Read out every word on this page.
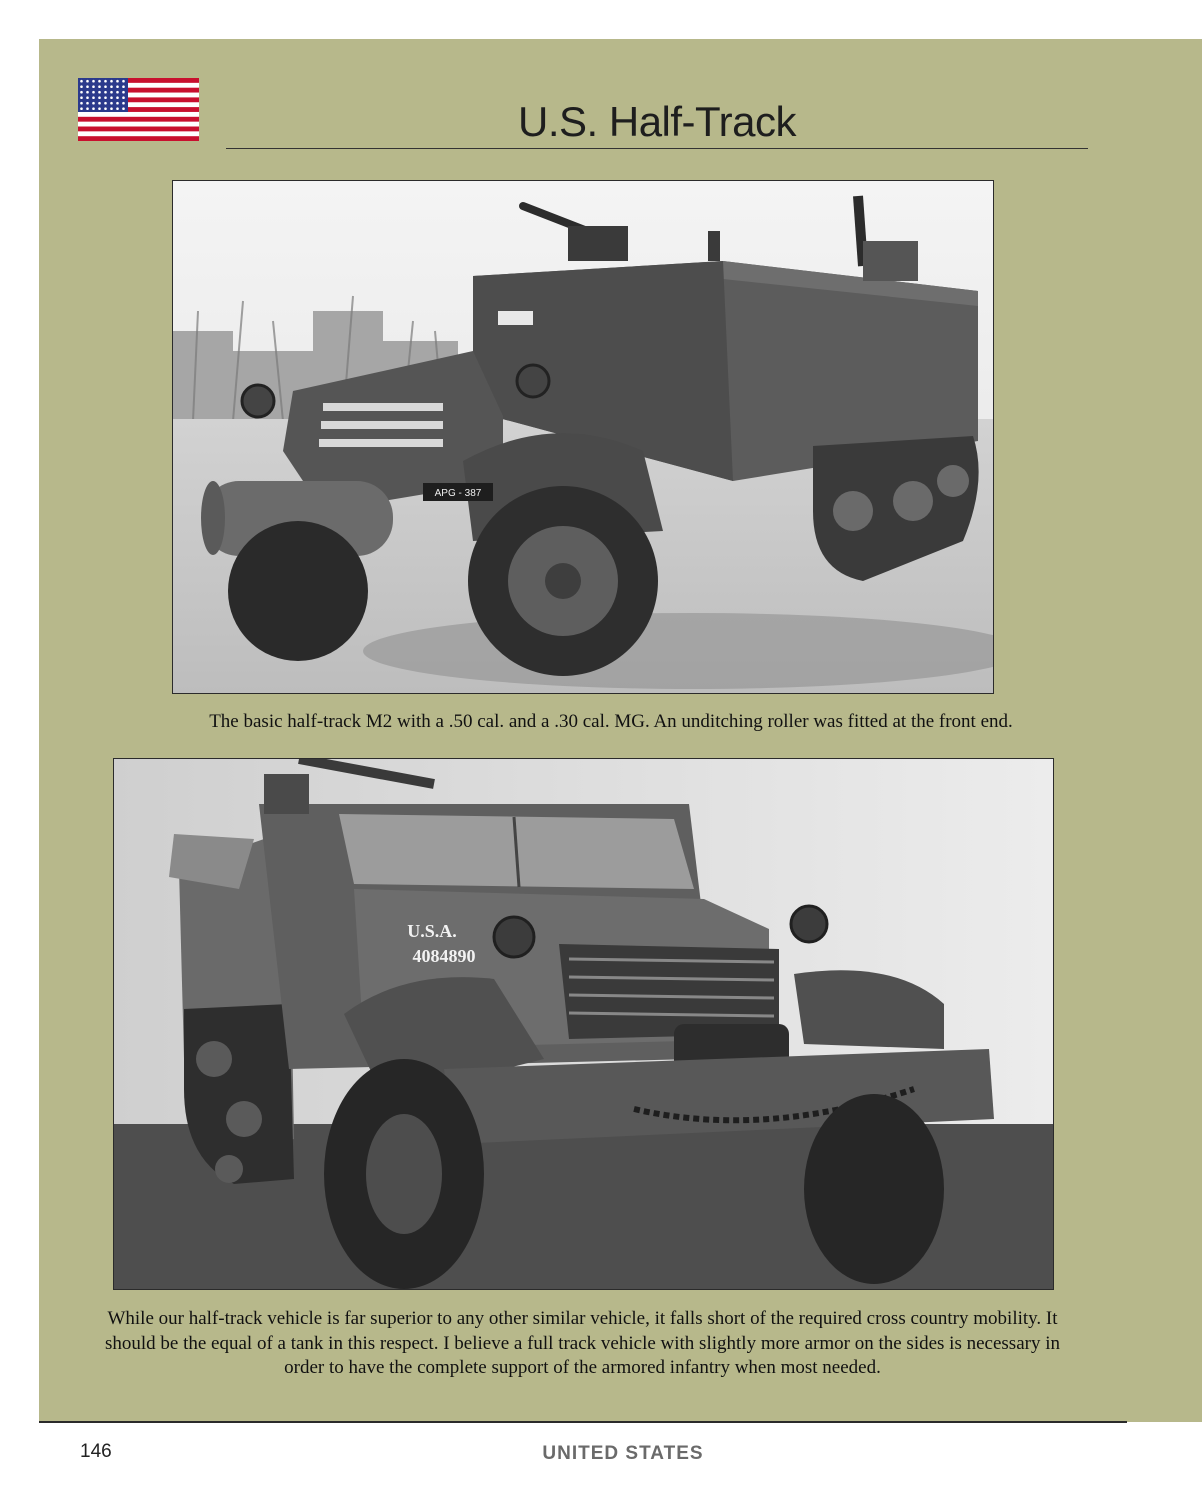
U.S. Half-Track
APG - 387
The basic half-track M2 with a .50 cal. and a .30 cal. MG. An unditching roller was fitted at the front end.
U.S.A.
4084890
While our half-track vehicle is far superior to any other similar vehicle, it falls short of the required cross country mobility. It should be the equal of a tank in this respect. I believe a full track vehicle with slightly more armor on the sides is necessary in order to have the complete support of the armored infantry when most needed.
146	UNITED STATES
